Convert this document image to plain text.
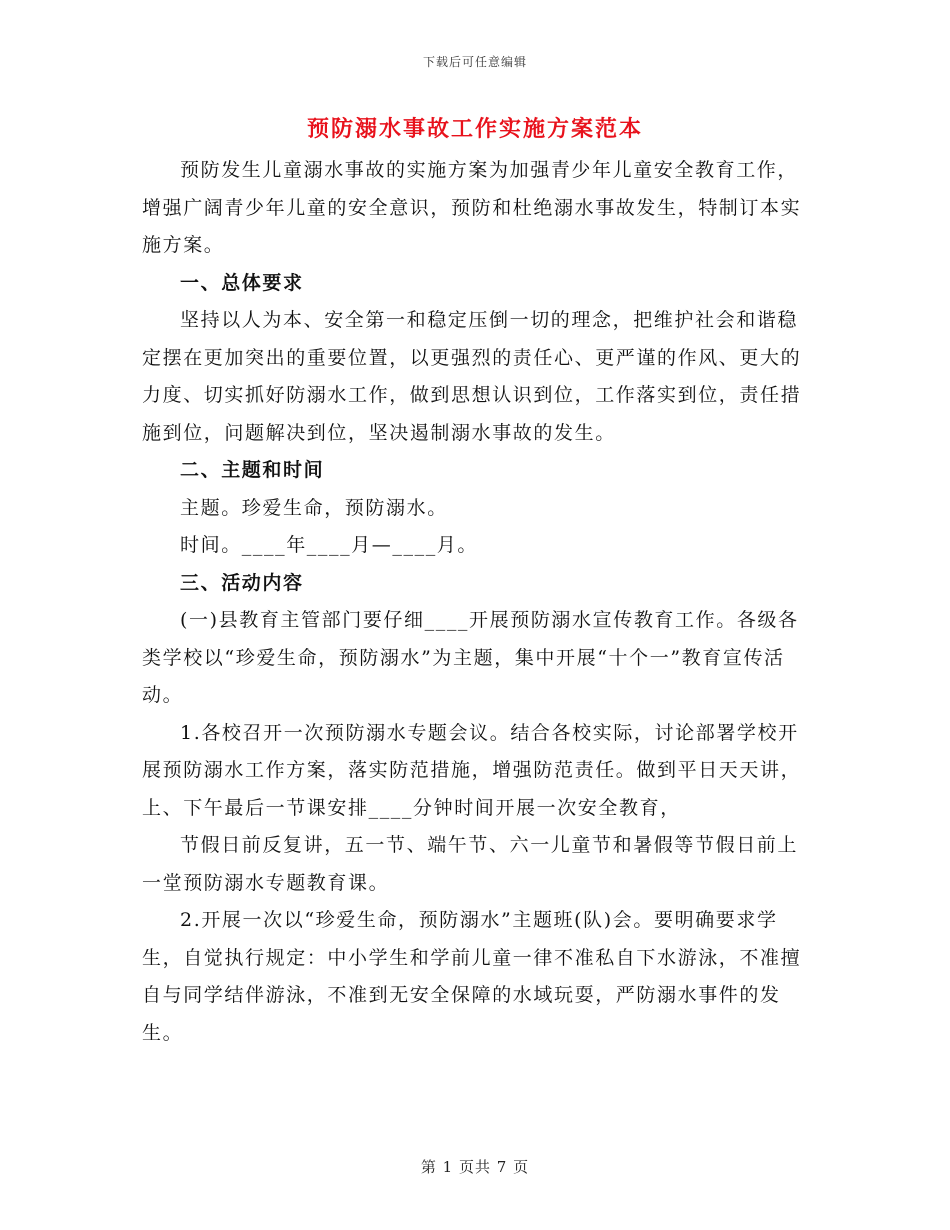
下载后可任意编辑
预防溺水事故工作实施方案范本

预防发生儿童溺水事故的实施方案为加强青少年儿童安全教育工作，增强广阔青少年儿童的安全意识，预防和杜绝溺水事故发生，特制订本实施方案。

一、总体要求

坚持以人为本、安全第一和稳定压倒一切的理念，把维护社会和谐稳定摆在更加突出的重要位置，以更强烈的责任心、更严谨的作风、更大的力度、切实抓好防溺水工作，做到思想认识到位，工作落实到位，责任措施到位，问题解决到位，坚决遏制溺水事故的发生。

二、主题和时间

主题。珍爱生命，预防溺水。

时间。____年____月—____月。

三、活动内容

(一)县教育主管部门要仔细____开展预防溺水宣传教育工作。各级各类学校以“珍爱生命，预防溺水”为主题，集中开展“十个一”教育宣传活动。

1.各校召开一次预防溺水专题会议。结合各校实际，讨论部署学校开展预防溺水工作方案，落实防范措施，增强防范责任。做到平日天天讲，上、下午最后一节课安排____分钟时间开展一次安全教育，

节假日前反复讲，五一节、端午节、六一儿童节和暑假等节假日前上一堂预防溺水专题教育课。

2.开展一次以“珍爱生命，预防溺水”主题班(队)会。要明确要求学生，自觉执行规定：中小学生和学前儿童一律不准私自下水游泳，不准擅自与同学结伴游泳，不准到无安全保障的水域玩耍，严防溺水事件的发生。

第 1 页共 7 页
